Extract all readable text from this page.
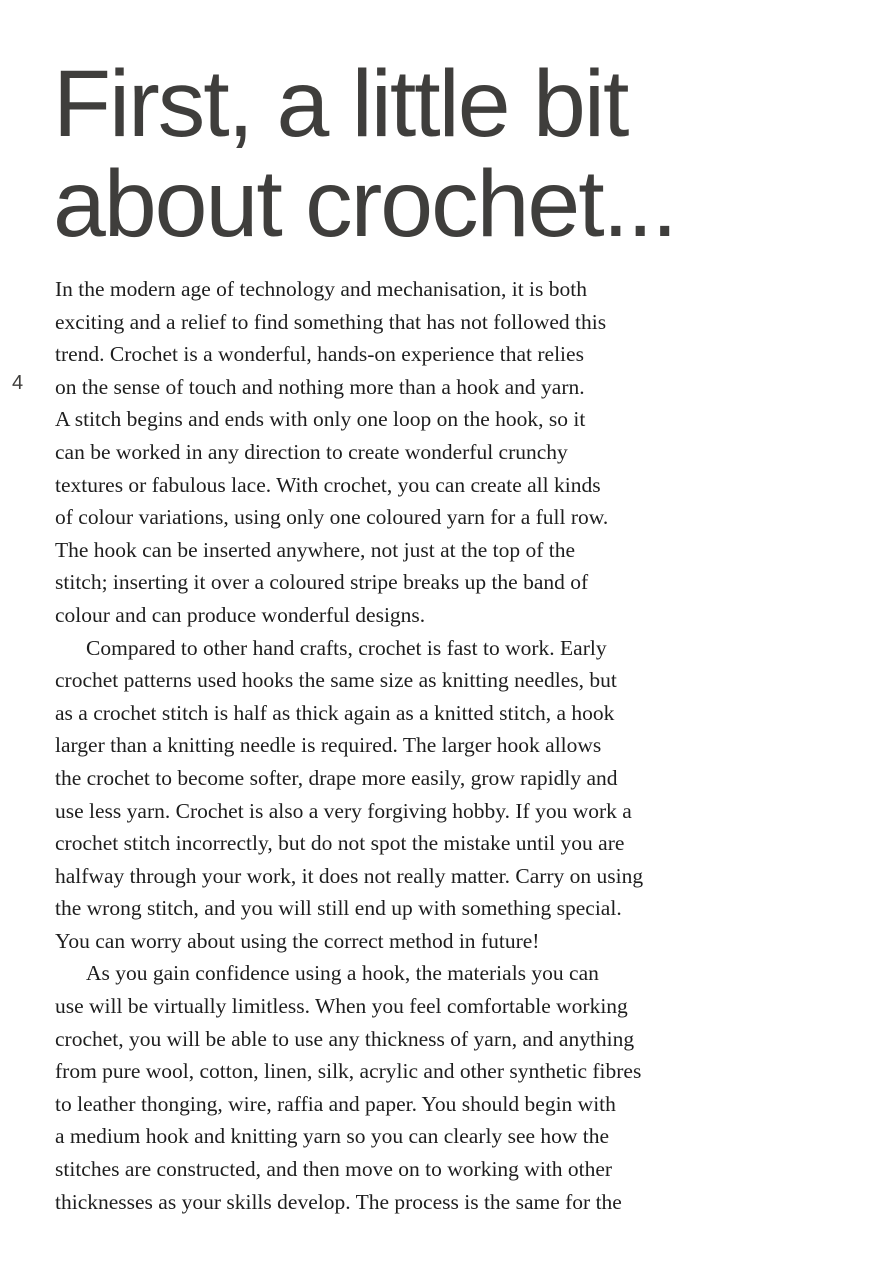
4
First, a little bit
about crochet...

In the modern age of technology and mechanisation, it is both
exciting and a relief to find something that has not followed this
trend. Crochet is a wonderful, hands-on experience that relies
on the sense of touch and nothing more than a hook and yarn.
A stitch begins and ends with only one loop on the hook, so it
can be worked in any direction to create wonderful crunchy
textures or fabulous lace. With crochet, you can create all kinds
of colour variations, using only one coloured yarn for a full row.
The hook can be inserted anywhere, not just at the top of the
stitch; inserting it over a coloured stripe breaks up the band of
colour and can produce wonderful designs.

Compared to other hand crafts, crochet is fast to work. Early
crochet patterns used hooks the same size as knitting needles, but
as a crochet stitch is half as thick again as a knitted stitch, a hook
larger than a knitting needle is required. The larger hook allows
the crochet to become softer, drape more easily, grow rapidly and
use less yarn. Crochet is also a very forgiving hobby. If you work a
crochet stitch incorrectly, but do not spot the mistake until you are
halfway through your work, it does not really matter. Carry on using
the wrong stitch, and you will still end up with something special.
You can worry about using the correct method in future!

As you gain confidence using a hook, the materials you can
use will be virtually limitless. When you feel comfortable working
crochet, you will be able to use any thickness of yarn, and anything
from pure wool, cotton, linen, silk, acrylic and other synthetic fibres
to leather thonging, wire, raffia and paper. You should begin with
a medium hook and knitting yarn so you can clearly see how the
stitches are constructed, and then move on to working with other
thicknesses as your skills develop. The process is the same for the
